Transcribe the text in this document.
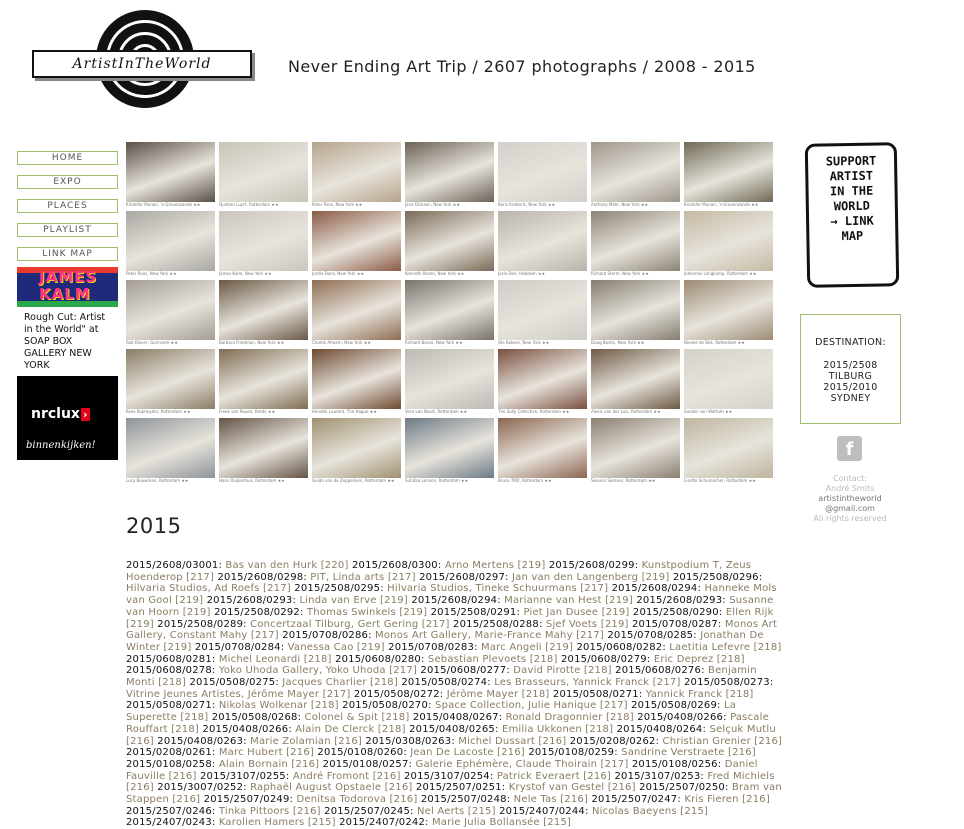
ArtistInTheWorld	Never Ending Art Trip / 2607 photographs / 2008 - 2015
HOME
EXPO
PLACES
PLAYLIST
LINK MAP
JAMES KALM
Rough Cut: Artist in the World" at SOAP BOX GALLERY NEW YORK
nrclux ›
binnenkijken!
Kristofer Munari, 's-Gravenzande ★★	Quinten Luyrt, Rotterdam ★★	Peter Pons, New York ★★	Jane Dickson, New York ★★	Boris Kreboris, New York ★★	Anthony Miler, New York ★★	Kristofer Munari, 's-Gravenzande ★★
Peter Roos, New York ★★	James Kalm, New York ★★	Jordie Dons, New York ★★	Kenneth Rozen, New York ★★	Josie Doe, Hoboken ★★	Richard Storm, New York ★★	Johannes Langkamp, Rotterdam ★★
Rob Klever, Gorinsem ★★	Barbara Friedman, New York ★★	Charlie Ahearn, New York ★★	Richard Bosse, New York ★★	Ole Bokern, New York ★★	Doug Bostic, New York ★★	Nienke de Bok, Rotterdam ★★
Kees Rapheyder, Rotterdam ★★	Freek van Reuen, Breda ★★	Hendrik Laurent, The Hague ★★	Vera van Noort, Rotterdam ★★	The Sally Collective, Rotterdam ★★	Alexis van der Luis, Rotterdam ★★	Sander van Wettum ★★
Lucy Bouwman, Rotterdam ★★	Hans Duijkerhuis, Rotterdam ★★	Guido van de Zeppelinen, Rotterdam ★★	Suhitaa Lennon, Rotterdam ★★	Bruce TMX, Rotterdam ★★	Seounn Samsen, Rotterdam ★★	Lisette Schumacher, Rotterdam ★★
SUPPORT
ARTIST
IN THE
WORLD
→ LINK
MAP
DESTINATION:
2015/2508
TILBURG
2015/2010
SYDNEY
f
Contact:
André Smits
artistintheworld
@gmail.com
All rights reserved
2015
2015/2608/03001: Bas van den Hurk [220] 2015/2608/0300: Arno Mertens [219] 2015/2608/0299: Kunstpodium T, Zeus Hoenderop [217] 2015/2608/0298: PIT, Linda arts [217] 2015/2608/0297: Jan van den Langenberg [219] 2015/2508/0296: Hilvaria Studios, Ad Roefs [217] 2015/2508/0295: Hilvaria Studios, Tineke Schuurmans [217] 2015/2608/0294: Hanneke Mols van Gool [219] 2015/2608/0293: Linda van Erve [219] 2015/2608/0294: Marianne van Hest [219] 2015/2608/0293: Susanne van Hoorn [219] 2015/2508/0292: Thomas Swinkels [219] 2015/2508/0291: Piet Jan Dusee [219] 2015/2508/0290: Ellen Rijk [219] 2015/2508/0289: Concertzaal Tilburg, Gert Gering [217] 2015/2508/0288: Sjef Voets [219] 2015/0708/0287: Monos Art Gallery, Constant Mahy [217] 2015/0708/0286: Monos Art Gallery, Marie-France Mahy [217] 2015/0708/0285: Jonathan De Winter [219] 2015/0708/0284: Vanessa Cao [219] 2015/0708/0283: Marc Angeli [219] 2015/0608/0282: Laetitia Lefevre [218] 2015/0608/0281: Michel Leonardi [218] 2015/0608/0280: Sebastian Plevoets [218] 2015/0608/0279: Eric Deprez [218] 2015/0608/0278: Yoko Uhoda Gallery, Yoko Uhoda [217] 2015/0608/0277: David Pirotte [218] 2015/0608/0276: Benjamin Monti [218] 2015/0508/0275: Jacques Charlier [218] 2015/0508/0274: Les Brasseurs, Yannick Franck [217] 2015/0508/0273: Vitrine Jeunes Artistes, Jérôme Mayer [217] 2015/0508/0272: Jérôme Mayer [218] 2015/0508/0271: Yannick Franck [218] 2015/0508/0271: Nikolas Wolkenar [218] 2015/0508/0270: Space Collection, Julie Hanique [217] 2015/0508/0269: La Superette [218] 2015/0508/0268: Colonel & Spit [218] 2015/0408/0267: Ronald Dragonnier [218] 2015/0408/0266: Pascale Rouffart [218] 2015/0408/0266: Alain De Clerck [218] 2015/0408/0265: Emilia Ukkonen [218] 2015/0408/0264: Selçuk Mutlu [216] 2015/0408/0263: Marie Zolamian [216] 2015/0308/0263: Michel Dussart [216] 2015/0208/0262: Christian Grenier [216] 2015/0208/0261: Marc Hubert [216] 2015/0108/0260: Jean De Lacoste [216] 2015/0108/0259: Sandrine Verstraete [216] 2015/0108/0258: Alain Bornain [216] 2015/0108/0257: Galerie Ephémère, Claude Thoirain [217] 2015/0108/0256: Daniel Fauville [216] 2015/3107/0255: André Fromont [216] 2015/3107/0254: Patrick Everaert [216] 2015/3107/0253: Fred Michiels [216] 2015/3007/0252: Raphaël August Opstaele [216] 2015/2507/0251: Krystof van Gestel [216] 2015/2507/0250: Bram van Stappen [216] 2015/2507/0249: Denitsa Todorova [216] 2015/2507/0248: Nele Tas [216] 2015/2507/0247: Kris Fieren [216] 2015/2507/0246: Tinka Pittoors [216] 2015/2507/0245: Nel Aerts [215] 2015/2407/0244: Nicolas Baeyens [215] 2015/2407/0243: Karolien Hamers [215] 2015/2407/0242: Marie Julia Bollansée [215]
